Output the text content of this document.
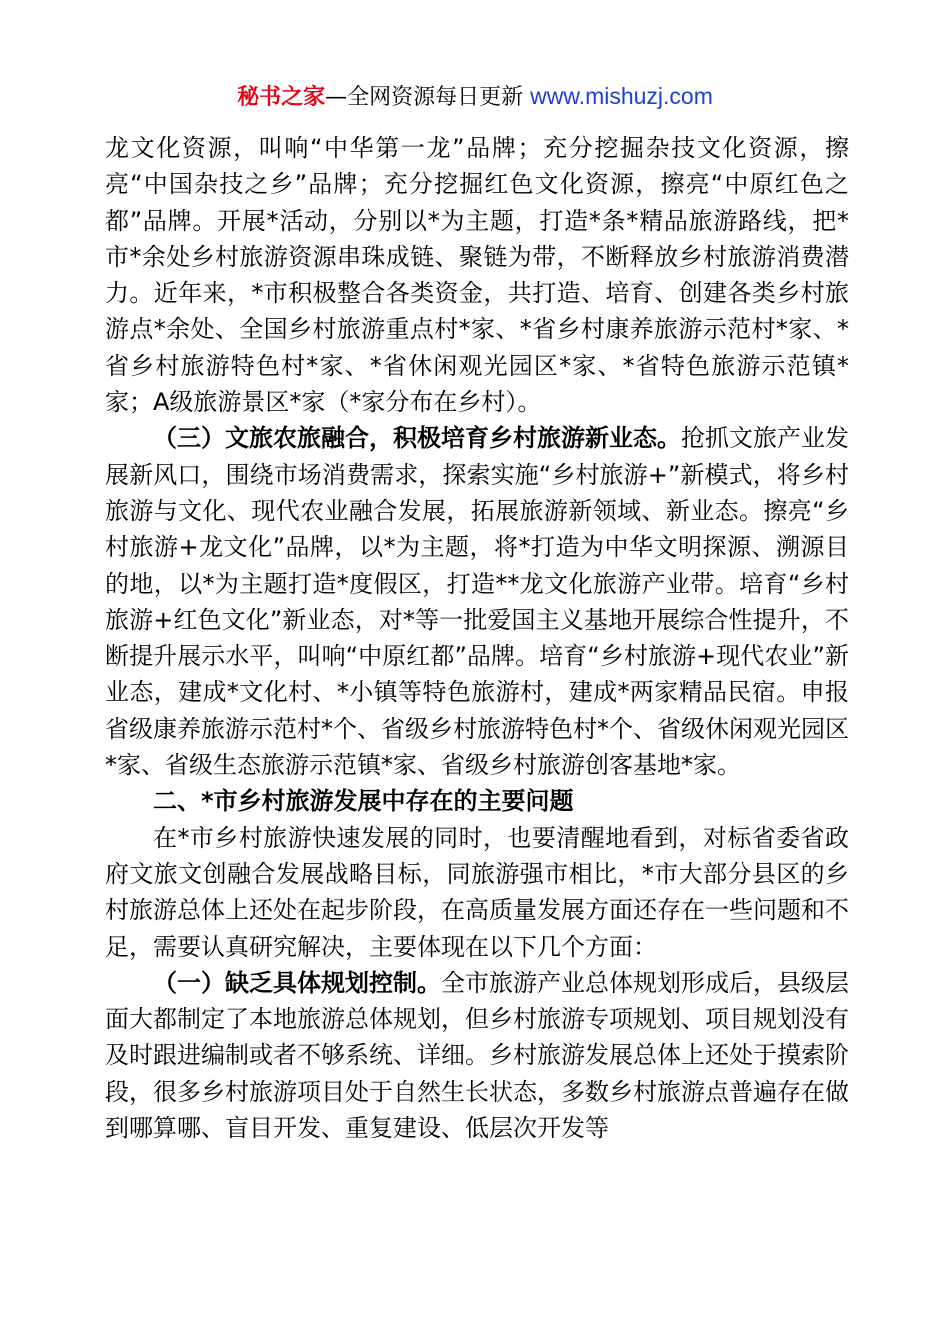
秘书之家—全网资源每日更新 www.mishuzj.com

龙文化资源，叫响“中华第一龙”品牌；充分挖掘杂技文化资源，擦亮“中国杂技之乡”品牌；充分挖掘红色文化资源，擦亮“中原红色之都”品牌。开展*活动，分别以*为主题，打造*条*精品旅游路线，把*市*余处乡村旅游资源串珠成链、聚链为带，不断释放乡村旅游消费潜力。近年来，*市积极整合各类资金，共打造、培育、创建各类乡村旅游点*余处、全国乡村旅游重点村*家、*省乡村康养旅游示范村*家、*省乡村旅游特色村*家、*省休闲观光园区*家、*省特色旅游示范镇*家；A级旅游景区*家（*家分布在乡村）。

（三）文旅农旅融合，积极培育乡村旅游新业态。抢抓文旅产业发展新风口，围绕市场消费需求，探索实施“乡村旅游+”新模式，将乡村旅游与文化、现代农业融合发展，拓展旅游新领域、新业态。擦亮“乡村旅游+龙文化”品牌，以*为主题，将*打造为中华文明探源、溯源目的地，以*为主题打造*度假区，打造**龙文化旅游产业带。培育“乡村旅游+红色文化”新业态，对*等一批爱国主义基地开展综合性提升，不断提升展示水平，叫响“中原红都”品牌。培育“乡村旅游+现代农业”新业态，建成*文化村、*小镇等特色旅游村，建成*两家精品民宿。申报省级康养旅游示范村*个、省级乡村旅游特色村*个、省级休闲观光园区*家、省级生态旅游示范镇*家、省级乡村旅游创客基地*家。

二、*市乡村旅游发展中存在的主要问题

在*市乡村旅游快速发展的同时，也要清醒地看到，对标省委省政府文旅文创融合发展战略目标，同旅游强市相比，*市大部分县区的乡村旅游总体上还处在起步阶段，在高质量发展方面还存在一些问题和不足，需要认真研究解决，主要体现在以下几个方面：

（一）缺乏具体规划控制。全市旅游产业总体规划形成后，县级层面大都制定了本地旅游总体规划，但乡村旅游专项规划、项目规划没有及时跟进编制或者不够系统、详细。乡村旅游发展总体上还处于摸索阶段，很多乡村旅游项目处于自然生长状态，多数乡村旅游点普遍存在做到哪算哪、盲目开发、重复建设、低层次开发等
